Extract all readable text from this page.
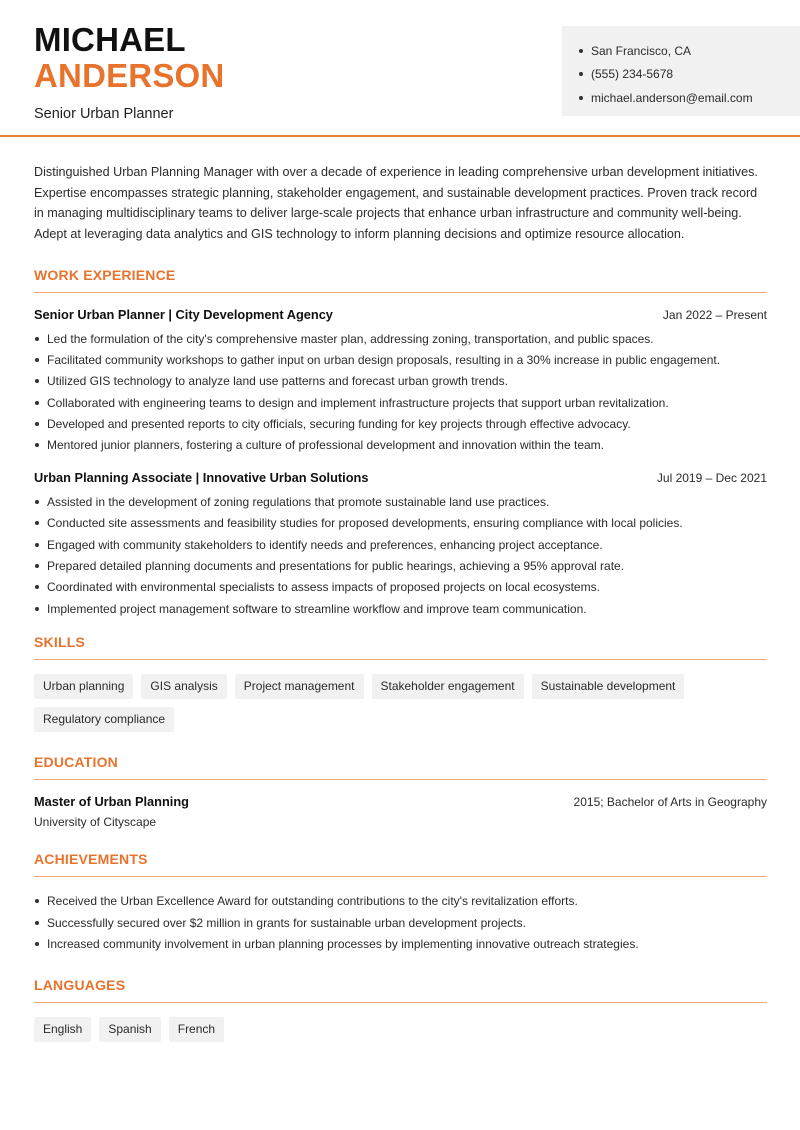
MICHAEL
ANDERSON
Senior Urban Planner
San Francisco, CA
(555) 234-5678
michael.anderson@email.com

Distinguished Urban Planning Manager with over a decade of experience in leading comprehensive urban development initiatives. Expertise encompasses strategic planning, stakeholder engagement, and sustainable development practices. Proven track record in managing multidisciplinary teams to deliver large-scale projects that enhance urban infrastructure and community well-being. Adept at leveraging data analytics and GIS technology to inform planning decisions and optimize resource allocation.

WORK EXPERIENCE
Senior Urban Planner | City Development Agency	Jan 2022 – Present
Led the formulation of the city's comprehensive master plan, addressing zoning, transportation, and public spaces.
Facilitated community workshops to gather input on urban design proposals, resulting in a 30% increase in public engagement.
Utilized GIS technology to analyze land use patterns and forecast urban growth trends.
Collaborated with engineering teams to design and implement infrastructure projects that support urban revitalization.
Developed and presented reports to city officials, securing funding for key projects through effective advocacy.
Mentored junior planners, fostering a culture of professional development and innovation within the team.
Urban Planning Associate | Innovative Urban Solutions	Jul 2019 – Dec 2021
Assisted in the development of zoning regulations that promote sustainable land use practices.
Conducted site assessments and feasibility studies for proposed developments, ensuring compliance with local policies.
Engaged with community stakeholders to identify needs and preferences, enhancing project acceptance.
Prepared detailed planning documents and presentations for public hearings, achieving a 95% approval rate.
Coordinated with environmental specialists to assess impacts of proposed projects on local ecosystems.
Implemented project management software to streamline workflow and improve team communication.
SKILLS
Urban planning	GIS analysis	Project management	Stakeholder engagement	Sustainable development
Regulatory compliance
EDUCATION
Master of Urban Planning	2015; Bachelor of Arts in Geography
University of Cityscape
ACHIEVEMENTS
Received the Urban Excellence Award for outstanding contributions to the city's revitalization efforts.
Successfully secured over $2 million in grants for sustainable urban development projects.
Increased community involvement in urban planning processes by implementing innovative outreach strategies.
LANGUAGES
English	Spanish	French
